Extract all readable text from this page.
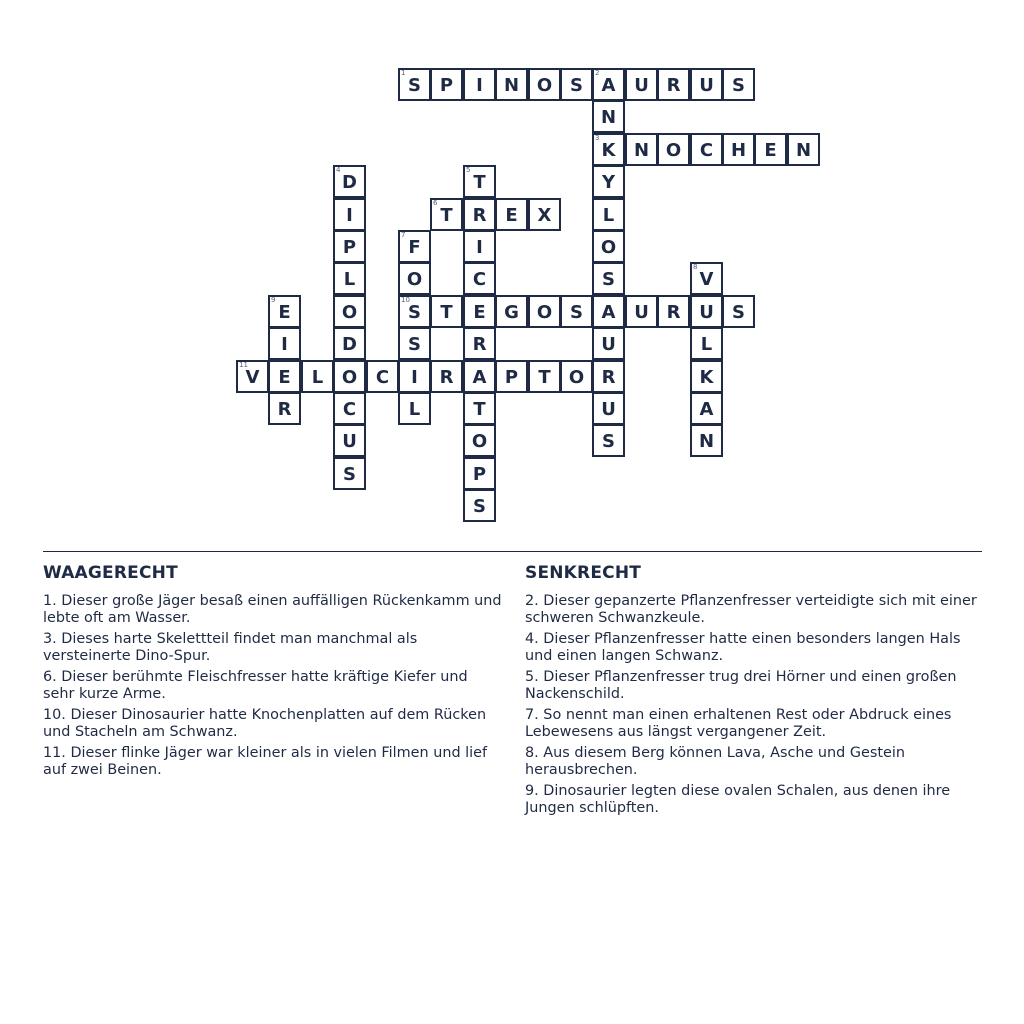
1
S	P	I	N O S
2
A	U R	U	S
N
3
K	N O	C H	E	N
4
D
5
T	Y
I
6
T	R	E	X	L
P
7
F	I	O
L	O	C	S
8
V
9
E	O
10
S	T	E	G O S	A	U R	U	S
I	D	S	R	U	L
11
V	E	L	O	C	I	R	A	P	T	O R	K
R	C	L	T	U	A
U	O	S	N
S	P
S
WAAGERECHT
1. Dieser große Jäger besaß einen auffälligen Rückenkamm und lebte oft am Wasser.
3. Dieses harte Skelettteil findet man manchmal als versteinerte Dino-Spur.
6. Dieser berühmte Fleischfresser hatte kräftige Kiefer und sehr kurze Arme.
10. Dieser Dinosaurier hatte Knochenplatten auf dem Rücken und Stacheln am Schwanz.
11. Dieser flinke Jäger war kleiner als in vielen Filmen und lief auf zwei Beinen.
SENKRECHT
2. Dieser gepanzerte Pflanzenfresser verteidigte sich mit einer schweren Schwanzkeule.
4. Dieser Pflanzenfresser hatte einen besonders langen Hals und einen langen Schwanz.
5. Dieser Pflanzenfresser trug drei Hörner und einen großen Nackenschild.
7. So nennt man einen erhaltenen Rest oder Abdruck eines Lebewesens aus längst vergangener Zeit.
8. Aus diesem Berg können Lava, Asche und Gestein herausbrechen.
9. Dinosaurier legten diese ovalen Schalen, aus denen ihre Jungen schlüpften.
